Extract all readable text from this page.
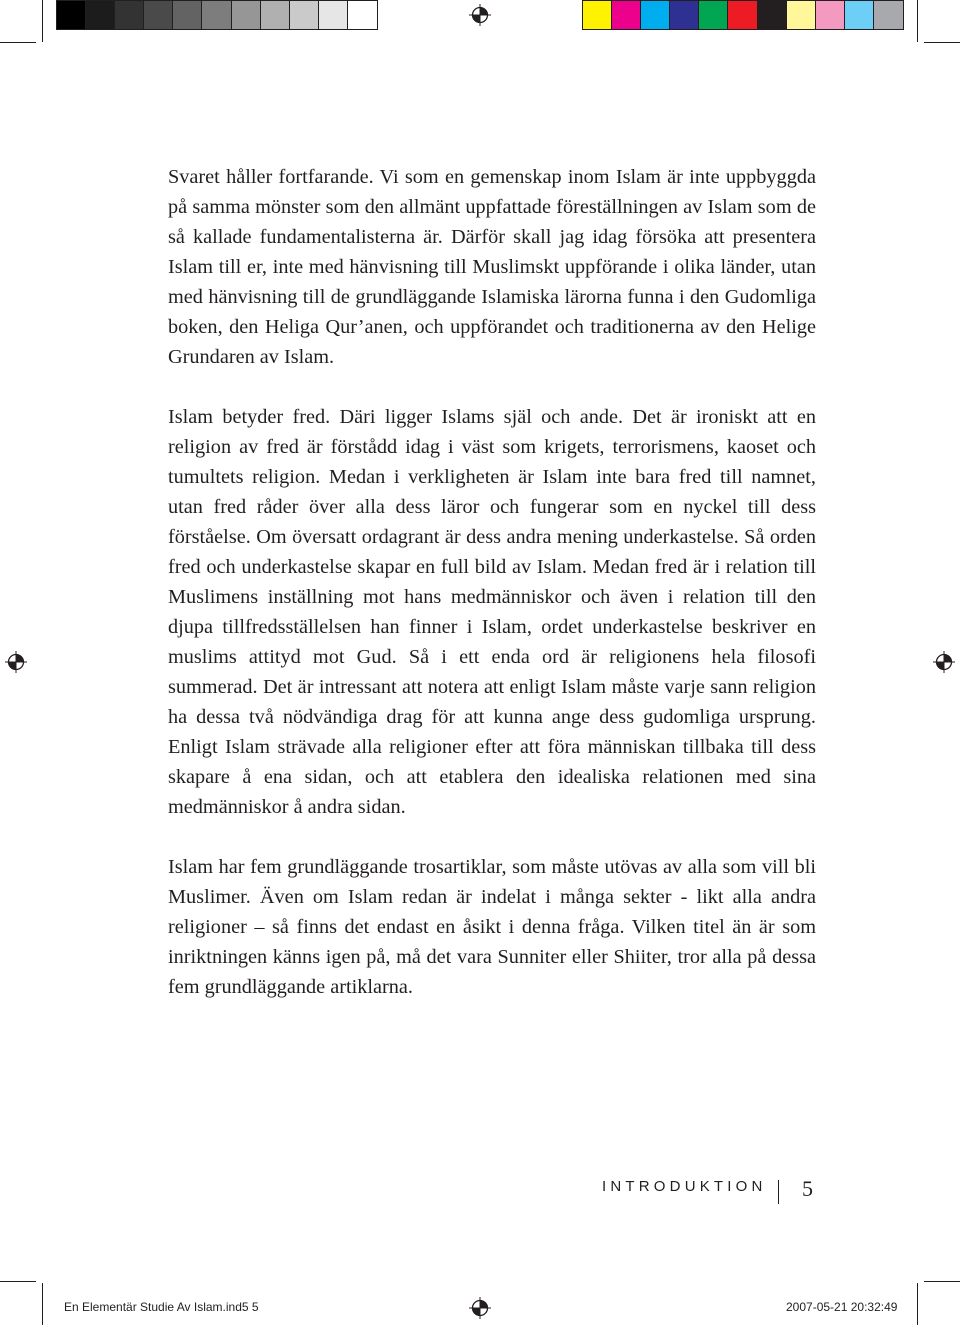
Svaret håller fortfarande. Vi som en gemenskap inom Islam är inte uppbyggda på samma mönster som den allmänt uppfattade föreställningen av Islam som de så kallade fundamentalisterna är. Därför skall jag idag försöka att presentera Islam till er, inte med hänvisning till Muslimskt uppförande i olika länder, utan med hänvisning till de grundläggande Islamiska lärorna funna i den Gudomliga boken, den Heliga Qur’anen, och uppförandet och traditionerna av den Helige Grundaren av Islam.

Islam betyder fred. Däri ligger Islams själ och ande. Det är ironiskt att en religion av fred är förstådd idag i väst som krigets, terrorismens, kaoset och tumultets religion. Medan i verkligheten är Islam inte bara fred till namnet, utan fred råder över alla dess läror och fungerar som en nyckel till dess förståelse. Om översatt ordagrant är dess andra mening underkastelse. Så orden fred och underkastelse skapar en full bild av Islam. Medan fred är i relation till Muslimens inställning mot hans medmänniskor och även i relation till den djupa tillfredsställelsen han finner i Islam, ordet underkastelse beskriver en muslims attityd mot Gud. Så i ett enda ord är religionens hela filosofi summerad. Det är intressant att notera att enligt Islam måste varje sann religion ha dessa två nödvändiga drag för att kunna ange dess gudomliga ursprung. Enligt Islam strävade alla religioner efter att föra människan tillbaka till dess skapare å ena sidan, och att etablera den idealiska relationen med sina medmänniskor å andra sidan.

Islam har fem grundläggande trosartiklar, som måste utövas av alla som vill bli Muslimer. Även om Islam redan är indelat i många sekter - likt alla andra religioner – så finns det endast en åsikt i denna fråga. Vilken titel än är som inriktningen känns igen på, må det vara Sunniter eller Shiiter, tror alla på dessa fem grundläggande artiklarna.

INTRODUKTION 5
En Elementär Studie Av Islam.ind5 5	2007-05-21 20:32:49
